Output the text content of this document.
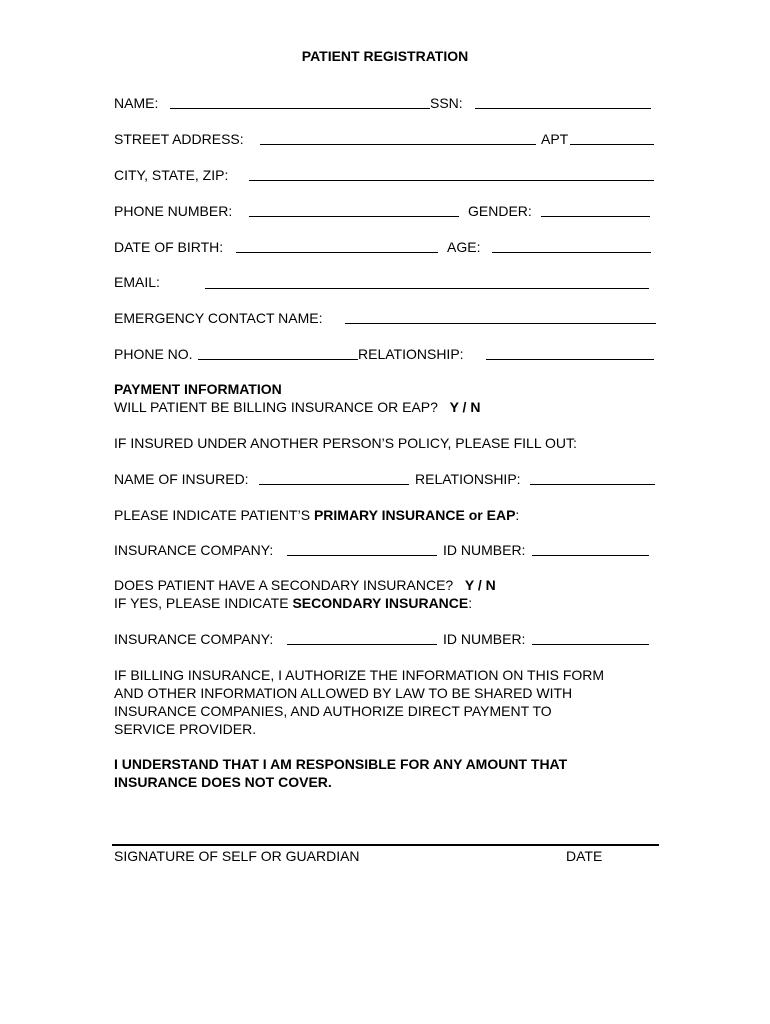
PATIENT REGISTRATION
NAME:	SSN:
STREET ADDRESS:	APT
CITY, STATE, ZIP:
PHONE NUMBER:	GENDER:
DATE OF BIRTH:	AGE:
EMAIL:
EMERGENCY CONTACT NAME:
PHONE NO.	RELATIONSHIP:
PAYMENT INFORMATION
WILL PATIENT BE BILLING INSURANCE OR EAP? Y / N
IF INSURED UNDER ANOTHER PERSON’S POLICY, PLEASE FILL OUT:
NAME OF INSURED:	RELATIONSHIP:
PLEASE INDICATE PATIENT’S PRIMARY INSURANCE or EAP:
INSURANCE COMPANY:	ID NUMBER:
DOES PATIENT HAVE A SECONDARY INSURANCE? Y / N
IF YES, PLEASE INDICATE SECONDARY INSURANCE:
INSURANCE COMPANY:	ID NUMBER:
IF BILLING INSURANCE, I AUTHORIZE THE INFORMATION ON THIS FORM
AND OTHER INFORMATION ALLOWED BY LAW TO BE SHARED WITH
INSURANCE COMPANIES, AND AUTHORIZE DIRECT PAYMENT TO
SERVICE PROVIDER.
I UNDERSTAND THAT I AM RESPONSIBLE FOR ANY AMOUNT THAT
INSURANCE DOES NOT COVER.
SIGNATURE OF SELF OR GUARDIAN	DATE
